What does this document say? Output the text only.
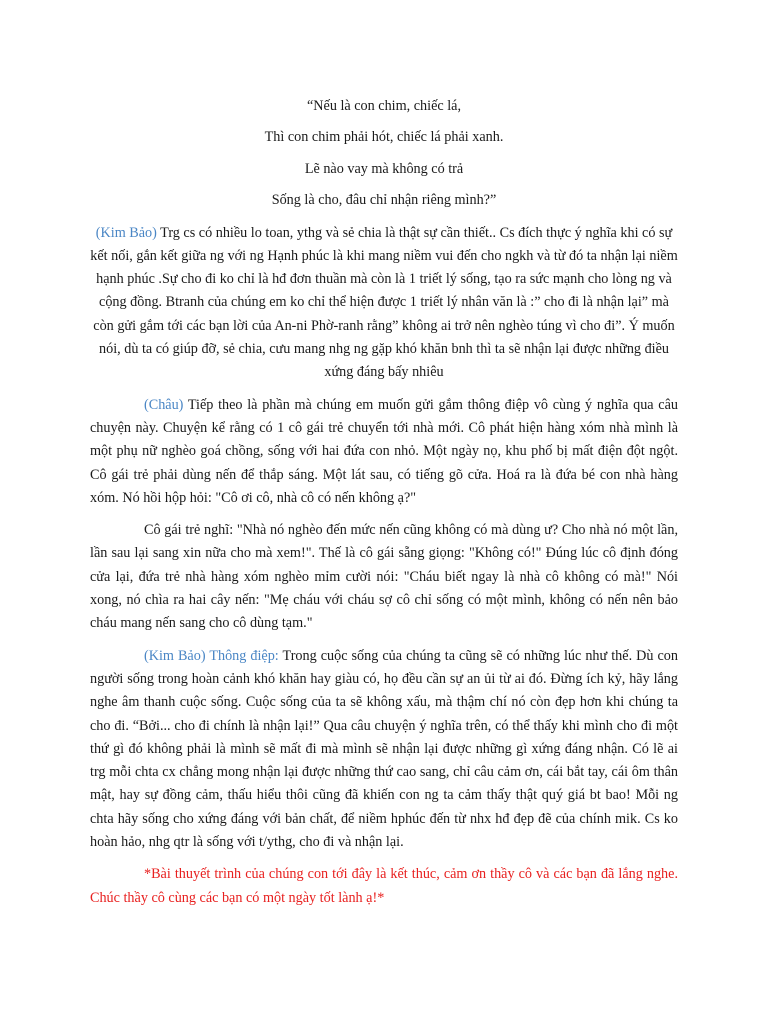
“Nếu là con chim, chiếc lá,

Thì con chim phải hót, chiếc lá phải xanh.

Lẽ nào vay mà không có trả

Sống là cho, đâu chỉ nhận riêng mình?”

(Kim Bảo) Trg cs có nhiều lo toan, ythg và sẻ chia là thật sự cần thiết.. Cs đích thực ý nghĩa khi có sự kết nối, gắn kết giữa ng với ng Hạnh phúc là khi mang niềm vui đến cho ngkh và từ đó ta nhận lại niềm hạnh phúc .Sự cho đi ko chỉ là hđ đơn thuần mà còn là 1 triết lý sống, tạo ra sức mạnh cho lòng ng và cộng đồng. Btranh của chúng em ko chỉ thể hiện được 1 triết lý nhân văn là :” cho đi là nhận lại” mà còn gửi gắm tới các bạn lời của An-ni Phờ-ranh rằng” không ai trở nên nghèo túng vì cho đi”. Ý muốn nói, dù ta có giúp đỡ, sẻ chia, cưu mang nhg ng gặp khó khăn bnh thì ta sẽ nhận lại được những điều xứng đáng bấy nhiêu

(Châu) Tiếp theo là phần mà chúng em muốn gửi gắm thông điệp vô cùng ý nghĩa qua câu chuyện này. Chuyện kể rằng có 1 cô gái trẻ chuyển tới nhà mới. Cô phát hiện hàng xóm nhà mình là một phụ nữ nghèo goá chồng, sống với hai đứa con nhỏ. Một ngày nọ, khu phố bị mất điện đột ngột. Cô gái trẻ phải dùng nến để thắp sáng. Một lát sau, có tiếng gõ cửa. Hoá ra là đứa bé con nhà hàng xóm. Nó hồi hộp hỏi: "Cô ơi cô, nhà cô có nến không ạ?"

Cô gái trẻ nghĩ: "Nhà nó nghèo đến mức nến cũng không có mà dùng ư? Cho nhà nó một lần, lần sau lại sang xin nữa cho mà xem!". Thế là cô gái sẵng giọng: "Không có!" Đúng lúc cô định đóng cửa lại, đứa trẻ nhà hàng xóm nghèo mỉm cười nói: "Cháu biết ngay là nhà cô không có mà!" Nói xong, nó chìa ra hai cây nến: "Mẹ cháu với cháu sợ cô chỉ sống có một mình, không có nến nên bảo cháu mang nến sang cho cô dùng tạm."

(Kim Bảo) Thông điệp: Trong cuộc sống của chúng ta cũng sẽ có những lúc như thế. Dù con người sống trong hoàn cảnh khó khăn hay giàu có, họ đều cần sự an ủi từ ai đó. Đừng ích kỷ, hãy lắng nghe âm thanh cuộc sống. Cuộc sống của ta sẽ không xấu, mà thậm chí nó còn đẹp hơn khi chúng ta cho đi. “Bởi... cho đi chính là nhận lại!” Qua câu chuyện ý nghĩa trên, có thể thấy khi mình cho đi một thứ gì đó không phải là mình sẽ mất đi mà mình sẽ nhận lại được những gì xứng đáng nhận. Có lẽ ai trg mỗi chta cx chẳng mong nhận lại được những thứ cao sang, chỉ câu cảm ơn, cái bắt tay, cái ôm thân mật, hay sự đồng cảm, thấu hiểu thôi cũng đã khiến con ng ta cảm thấy thật quý giá bt bao! Mỗi ng chta hãy sống cho xứng đáng với bản chất, để niềm hphúc đến từ nhx hđ đẹp đẽ của chính mik. Cs ko hoàn hảo, nhg qtr là sống với t/ythg, cho đi và nhận lại.

*Bài thuyết trình của chúng con tới đây là kết thúc, cảm ơn thầy cô và các bạn đã lắng nghe. Chúc thầy cô cùng các bạn có một ngày tốt lành ạ!*
